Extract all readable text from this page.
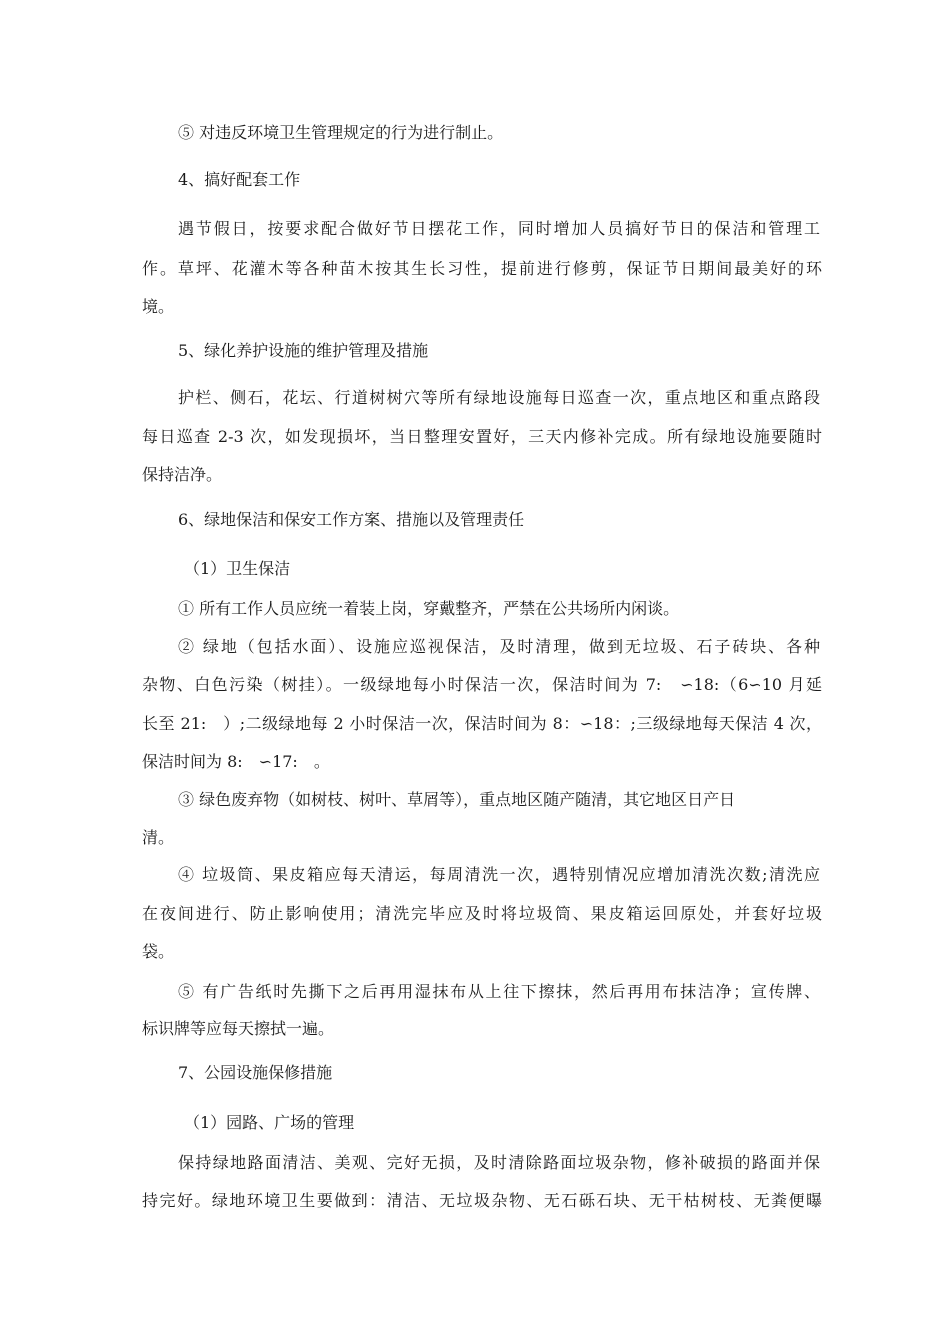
⑤ 对违反环境卫生管理规定的行为进行制止。
4、搞好配套工作
遇节假日，按要求配合做好节日摆花工作，同时增加人员搞好节日的保洁和管理工
作。草坪、花灌木等各种苗木按其生长习性，提前进行修剪，保证节日期间最美好的环
境。
5、绿化养护设施的维护管理及措施
护栏、侧石，花坛、行道树树穴等所有绿地设施每日巡查一次，重点地区和重点路段
每日巡查 2-3 次，如发现损坏，当日整理安置好，三天内修补完成。所有绿地设施要随时
保持洁净。
6、绿地保洁和保安工作方案、措施以及管理责任
（1）卫生保洁
① 所有工作人员应统一着装上岗，穿戴整齐，严禁在公共场所内闲谈。
② 绿地（包括水面）、设施应巡视保洁，及时清理，做到无垃圾、石子砖块、各种
杂物、白色污染（树挂）。一级绿地每小时保洁一次，保洁时间为 7:　∽18:（6∽10 月延
长至 21:　）;二级绿地每 2 小时保洁一次，保洁时间为 8：∽18：;三级绿地每天保洁 4 次，
保洁时间为 8:　∽17:　。
③ 绿色废弃物（如树枝、树叶、草屑等），重点地区随产随清，其它地区日产日
清。
④ 垃圾筒、果皮箱应每天清运，每周清洗一次，遇特别情况应增加清洗次数;清洗应
在夜间进行、防止影响使用；清洗完毕应及时将垃圾筒、果皮箱运回原处，并套好垃圾
袋。
⑤ 有广告纸时先撕下之后再用湿抹布从上往下擦抹，然后再用布抹洁净；宣传牌、
标识牌等应每天擦拭一遍。
7、公园设施保修措施
（1）园路、广场的管理
保持绿地路面清洁、美观、完好无损，及时清除路面垃圾杂物，修补破损的路面并保
持完好。绿地环境卫生要做到：清洁、无垃圾杂物、无石砾石块、无干枯树枝、无粪便曝
